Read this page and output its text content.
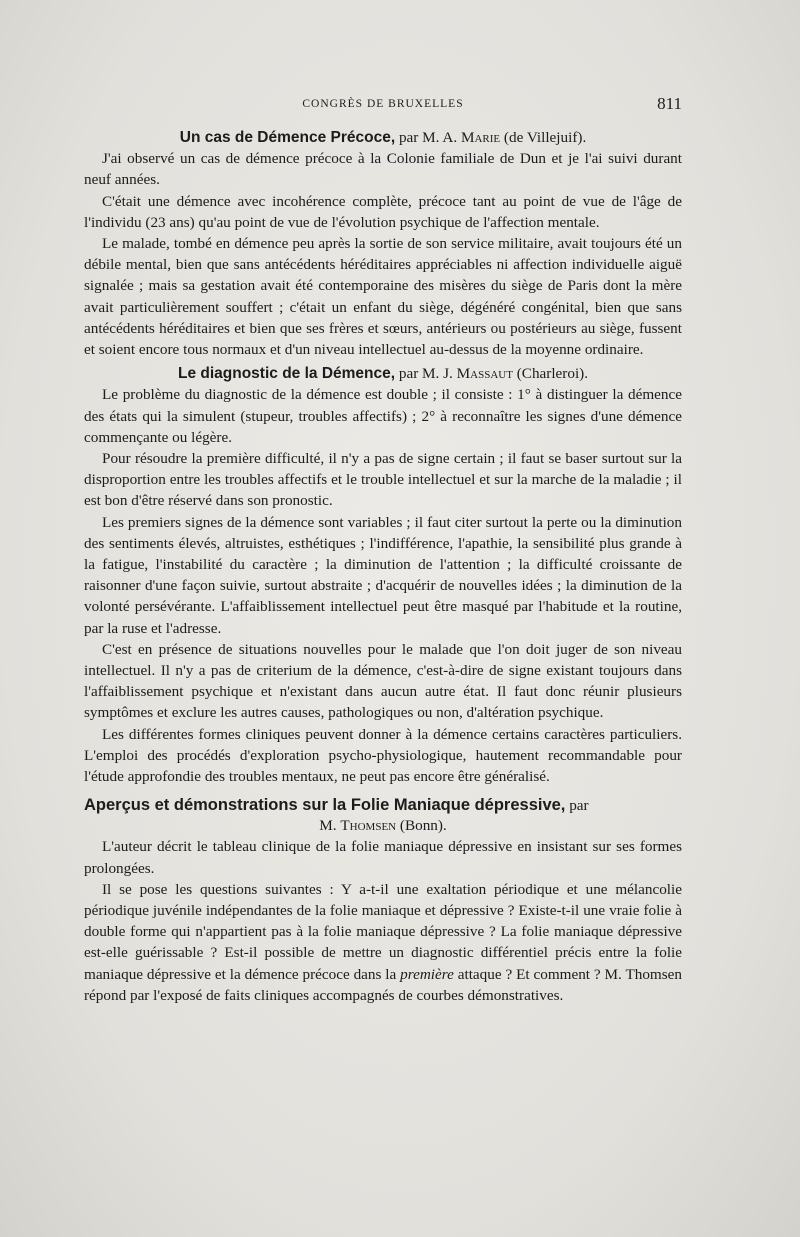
CONGRÈS DE BRUXELLES	811
Un cas de Démence Précoce, par M. A. Marie (de Villejuif).

J'ai observé un cas de démence précoce à la Colonie familiale de Dun et je l'ai suivi durant neuf années.

C'était une démence avec incohérence complète, précoce tant au point de vue de l'âge de l'individu (23 ans) qu'au point de vue de l'évolution psychique de l'affection mentale.

Le malade, tombé en démence peu après la sortie de son service militaire, avait toujours été un débile mental, bien que sans antécédents héréditaires appréciables ni affection individuelle aiguë signalée ; mais sa gestation avait été contemporaine des misères du siège de Paris dont la mère avait particulièrement souffert ; c'était un enfant du siège, dégénéré congénital, bien que sans antécédents héréditaires et bien que ses frères et sœurs, antérieurs ou postérieurs au siège, fussent et soient encore tous normaux et d'un niveau intellectuel au-dessus de la moyenne ordinaire.

Le diagnostic de la Démence, par M. J. Massaut (Charleroi).

Le problème du diagnostic de la démence est double ; il consiste : 1° à distinguer la démence des états qui la simulent (stupeur, troubles affectifs) ; 2° à reconnaître les signes d'une démence commençante ou légère.

Pour résoudre la première difficulté, il n'y a pas de signe certain ; il faut se baser surtout sur la disproportion entre les troubles affectifs et le trouble intellectuel et sur la marche de la maladie ; il est bon d'être réservé dans son pronostic.

Les premiers signes de la démence sont variables ; il faut citer surtout la perte ou la diminution des sentiments élevés, altruistes, esthétiques ; l'indifférence, l'apathie, la sensibilité plus grande à la fatigue, l'instabilité du caractère ; la diminution de l'attention ; la difficulté croissante de raisonner d'une façon suivie, surtout abstraite ; d'acquérir de nouvelles idées ; la diminution de la volonté persévérante. L'affaiblissement intellectuel peut être masqué par l'habitude et la routine, par la ruse et l'adresse.

C'est en présence de situations nouvelles pour le malade que l'on doit juger de son niveau intellectuel. Il n'y a pas de criterium de la démence, c'est-à-dire de signe existant toujours dans l'affaiblissement psychique et n'existant dans aucun autre état. Il faut donc réunir plusieurs symptômes et exclure les autres causes, pathologiques ou non, d'altération psychique.

Les différentes formes cliniques peuvent donner à la démence certains caractères particuliers. L'emploi des procédés d'exploration psycho-physiologique, hautement recommandable pour l'étude approfondie des troubles mentaux, ne peut pas encore être généralisé.

Aperçus et démonstrations sur la Folie Maniaque dépressive, par
M. Thomsen (Bonn).

L'auteur décrit le tableau clinique de la folie maniaque dépressive en insistant sur ses formes prolongées.

Il se pose les questions suivantes : Y a-t-il une exaltation périodique et une mélancolie périodique juvénile indépendantes de la folie maniaque et dépressive ? Existe-t-il une vraie folie à double forme qui n'appartient pas à la folie maniaque dépressive ? La folie maniaque dépressive est-elle guérissable ? Est-il possible de mettre un diagnostic différentiel précis entre la folie maniaque dépressive et la démence précoce dans la première attaque ? Et comment ? M. Thomsen répond par l'exposé de faits cliniques accompagnés de courbes démonstratives.
